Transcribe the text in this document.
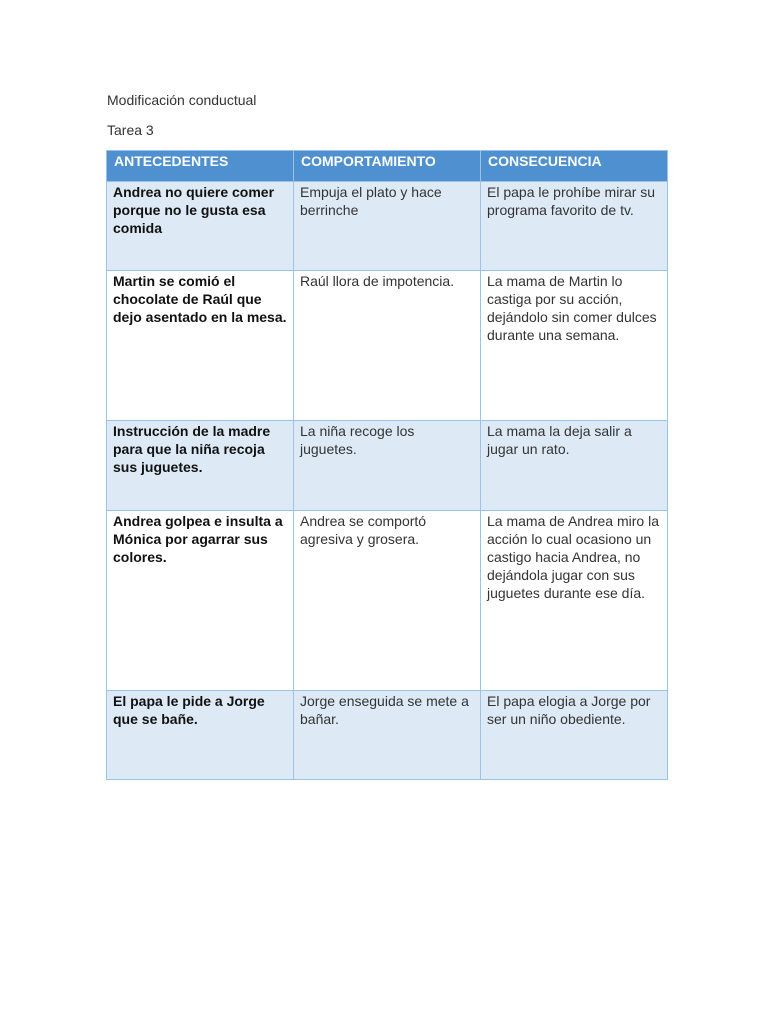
Modificación conductual

Tarea 3

ANTECEDENTES	COMPORTAMIENTO	CONSECUENCIA
Andrea no quiere comer porque no le gusta esa comida	Empuja el plato y hace berrinche	El papa le prohíbe mirar su programa favorito de tv.
Martin se comió el chocolate de Raúl que dejo asentado en la mesa.	Raúl llora de impotencia.	La mama de Martin lo castiga por su acción, dejándolo sin comer dulces durante una semana.
Instrucción de la madre para que la niña recoja sus juguetes.	La niña recoge los juguetes.	La mama la deja salir a jugar un rato.
Andrea golpea e insulta a Mónica por agarrar sus colores.	Andrea se comportó agresiva y grosera.	La mama de Andrea miro la acción lo cual ocasiono un castigo hacia Andrea, no dejándola jugar con sus juguetes durante ese día.
El papa le pide a Jorge que se bañe.	Jorge enseguida se mete a bañar.	El papa elogia a Jorge por ser un niño obediente.
